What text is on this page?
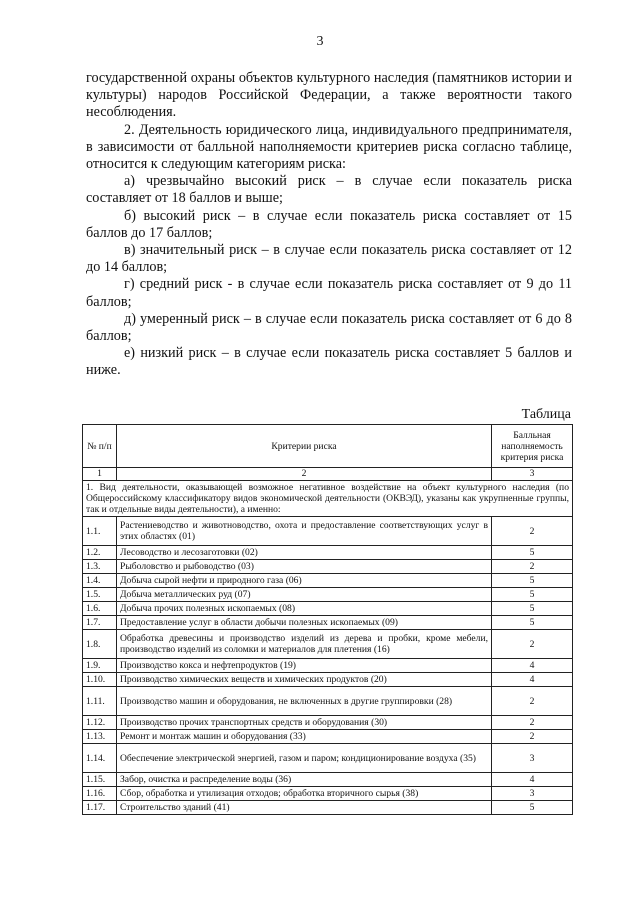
3

государственной охраны объектов культурного наследия (памятников истории и культуры) народов Российской Федерации, а также вероятности такого несоблюдения.

2. Деятельность юридического лица, индивидуального предпринимателя, в зависимости от балльной наполняемости критериев риска согласно таблице, относится к следующим категориям риска:

а) чрезвычайно высокий риск – в случае если показатель риска составляет от 18 баллов и выше;

б) высокий риск – в случае если показатель риска составляет от 15 баллов до 17 баллов;

в) значительный риск – в случае если показатель риска составляет от 12 до 14 баллов;

г) средний риск - в случае если показатель риска составляет от 9 до 11 баллов;

д) умеренный риск – в случае если показатель риска составляет от 6 до 8 баллов;

е) низкий риск – в случае если показатель риска составляет 5 баллов и ниже.

Таблица
№ п/п	Критерии риска	Балльная наполняемость критерия риска
1	2	3
1. Вид деятельности, оказывающей возможное негативное воздействие на объект культурного наследия (по Общероссийскому классификатору видов экономической деятельности (ОКВЭД), указаны как укрупненные группы, так и отдельные виды деятельности), а именно:		
1.1.	Растениеводство и животноводство, охота и предоставление соответствующих услуг в этих областях (01)	2
1.2.	Лесоводство и лесозаготовки (02)	5
1.3.	Рыболовство и рыбоводство (03)	2
1.4.	Добыча сырой нефти и природного газа (06)	5
1.5.	Добыча металлических руд (07)	5
1.6.	Добыча прочих полезных ископаемых (08)	5
1.7.	Предоставление услуг в области добычи полезных ископаемых (09)	5
1.8.	Обработка древесины и производство изделий из дерева и пробки, кроме мебели, производство изделий из соломки и материалов для плетения (16)	2
1.9.	Производство кокса и нефтепродуктов (19)	4
1.10.	Производство химических веществ и химических продуктов (20)	4
1.11.	Производство машин и оборудования, не включенных в другие группировки (28)	2
1.12.	Производство прочих транспортных средств и оборудования (30)	2
1.13.	Ремонт и монтаж машин и оборудования (33)	2
1.14.	Обеспечение электрической энергией, газом и паром; кондиционирование воздуха (35)	3
1.15.	Забор, очистка и распределение воды (36)	4
1.16.	Сбор, обработка и утилизация отходов; обработка вторичного сырья (38)	3
1.17.	Строительство зданий (41)	5
